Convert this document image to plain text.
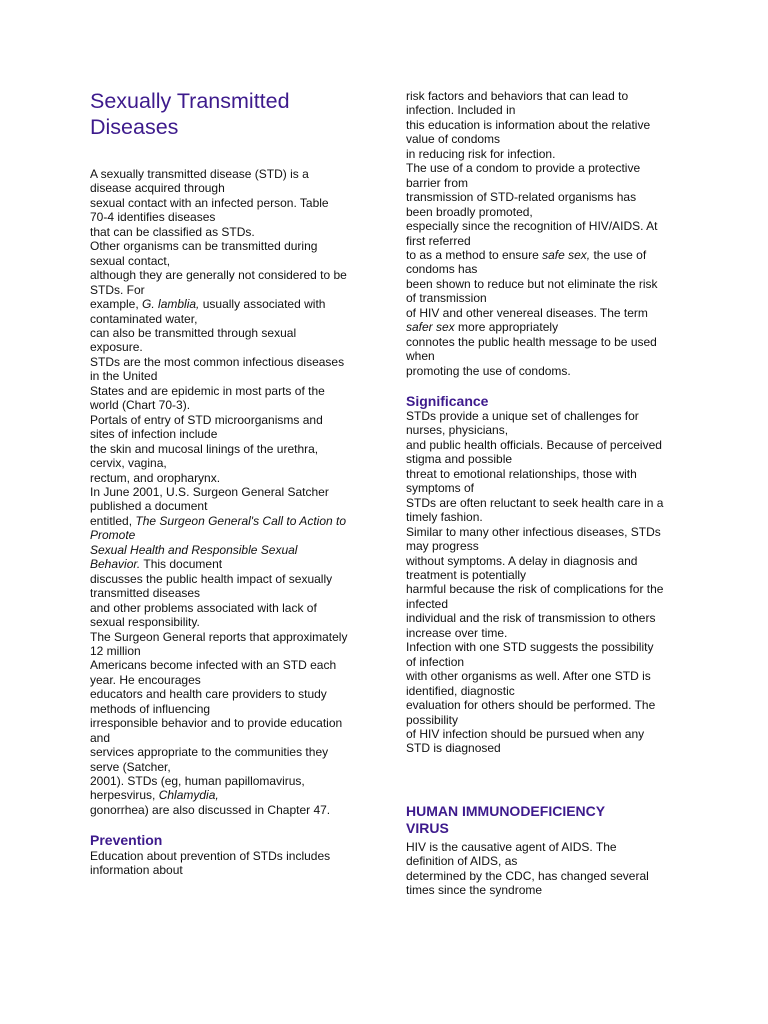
Sexually Transmitted
Diseases
A sexually transmitted disease (STD) is a
disease acquired through
sexual contact with an infected person. Table
70-4 identifies diseases
that can be classified as STDs.
Other organisms can be transmitted during
sexual contact,
although they are generally not considered to be
STDs. For
example, G. lamblia, usually associated with
contaminated water,
can also be transmitted through sexual
exposure.
STDs are the most common infectious diseases
in the United
States and are epidemic in most parts of the
world (Chart 70-3).
Portals of entry of STD microorganisms and
sites of infection include
the skin and mucosal linings of the urethra,
cervix, vagina,
rectum, and oropharynx.
In June 2001, U.S. Surgeon General Satcher
published a document
entitled, The Surgeon General's Call to Action to
Promote
Sexual Health and Responsible Sexual
Behavior. This document
discusses the public health impact of sexually
transmitted diseases
and other problems associated with lack of
sexual responsibility.
The Surgeon General reports that approximately
12 million
Americans become infected with an STD each
year. He encourages
educators and health care providers to study
methods of influencing
irresponsible behavior and to provide education
and
services appropriate to the communities they
serve (Satcher,
2001). STDs (eg, human papillomavirus,
herpesvirus, Chlamydia,
gonorrhea) are also discussed in Chapter 47.
Prevention
Education about prevention of STDs includes
information about
risk factors and behaviors that can lead to
infection. Included in
this education is information about the relative
value of condoms
in reducing risk for infection.
The use of a condom to provide a protective
barrier from
transmission of STD-related organisms has
been broadly promoted,
especially since the recognition of HIV/AIDS. At
first referred
to as a method to ensure safe sex, the use of
condoms has
been shown to reduce but not eliminate the risk
of transmission
of HIV and other venereal diseases. The term
safer sex more appropriately
connotes the public health message to be used
when
promoting the use of condoms.
Significance
STDs provide a unique set of challenges for
nurses, physicians,
and public health officials. Because of perceived
stigma and possible
threat to emotional relationships, those with
symptoms of
STDs are often reluctant to seek health care in a
timely fashion.
Similar to many other infectious diseases, STDs
may progress
without symptoms. A delay in diagnosis and
treatment is potentially
harmful because the risk of complications for the
infected
individual and the risk of transmission to others
increase over time.
Infection with one STD suggests the possibility
of infection
with other organisms as well. After one STD is
identified, diagnostic
evaluation for others should be performed. The
possibility
of HIV infection should be pursued when any
STD is diagnosed
HUMAN IMMUNODEFICIENCY
VIRUS
HIV is the causative agent of AIDS. The
definition of AIDS, as
determined by the CDC, has changed several
times since the syndrome
